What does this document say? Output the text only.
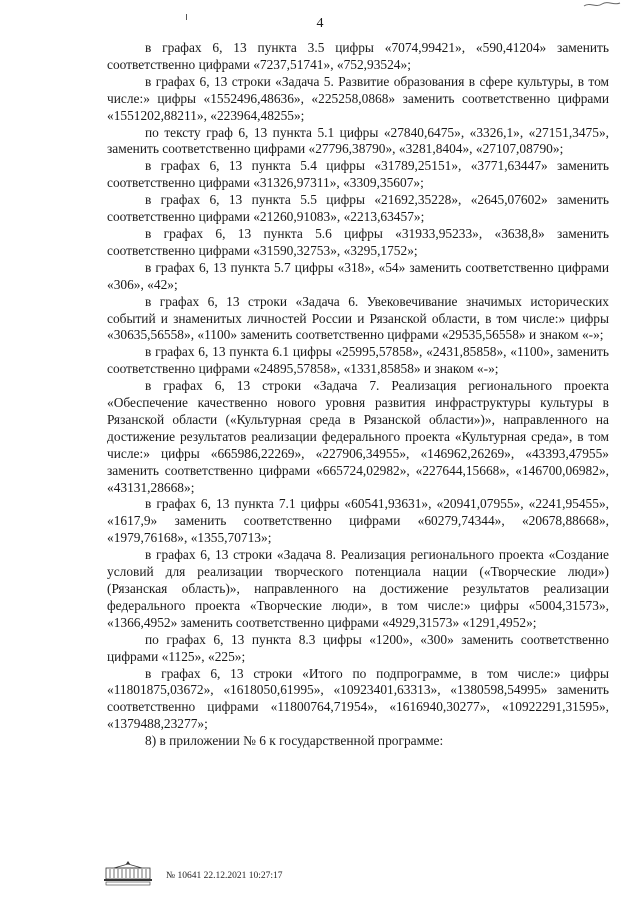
4

в графах 6, 13 пункта 3.5 цифры «7074,99421», «590,41204» заменить соответственно цифрами «7237,51741», «752,93524»;

в графах 6, 13 строки «Задача 5. Развитие образования в сфере культуры, в том числе:» цифры «1552496,48636», «225258,0868» заменить соответственно цифрами «1551202,88211», «223964,48255»;

по тексту граф 6, 13 пункта 5.1 цифры «27840,6475», «3326,1», «27151,3475», заменить соответственно цифрами «27796,38790», «3281,8404», «27107,08790»;

в графах 6, 13 пункта 5.4 цифры «31789,25151», «3771,63447» заменить соответственно цифрами «31326,97311», «3309,35607»;

в графах 6, 13 пункта 5.5 цифры «21692,35228», «2645,07602» заменить соответственно цифрами «21260,91083», «2213,63457»;

в графах 6, 13 пункта 5.6 цифры «31933,95233», «3638,8» заменить соответственно цифрами «31590,32753», «3295,1752»;

в графах 6, 13 пункта 5.7 цифры «318», «54» заменить соответственно цифрами «306», «42»;

в графах 6, 13 строки «Задача 6. Увековечивание значимых исторических событий и знаменитых личностей России и Рязанской области, в том числе:» цифры «30635,56558», «1100» заменить соответственно цифрами «29535,56558» и знаком «-»;

в графах 6, 13 пункта 6.1 цифры «25995,57858», «2431,85858», «1100», заменить соответственно цифрами «24895,57858», «1331,85858» и знаком «-»;

в графах 6, 13 строки «Задача 7. Реализация регионального проекта «Обеспечение качественно нового уровня развития инфраструктуры культуры в Рязанской области («Культурная среда в Рязанской области»)», направленного на достижение результатов реализации федерального проекта «Культурная среда», в том числе:» цифры «665986,22269», «227906,34955», «146962,26269», «43393,47955» заменить соответственно цифрами «665724,02982», «227644,15668», «146700,06982», «43131,28668»;

в графах 6, 13 пункта 7.1 цифры «60541,93631», «20941,07955», «2241,95455», «1617,9» заменить соответственно цифрами «60279,74344», «20678,88668», «1979,76168», «1355,70713»;

в графах 6, 13 строки «Задача 8. Реализация регионального проекта «Создание условий для реализации творческого потенциала нации («Творческие люди») (Рязанская область)», направленного на достижение результатов реализации федерального проекта «Творческие люди», в том числе:» цифры «5004,31573», «1366,4952» заменить соответственно цифрами «4929,31573» «1291,4952»;

по графах 6, 13 пункта 8.3 цифры «1200», «300» заменить соответственно цифрами «1125», «225»;

в графах 6, 13 строки «Итого по подпрограмме, в том числе:» цифры «11801875,03672», «1618050,61995», «10923401,63313», «1380598,54995» заменить соответственно цифрами «11800764,71954», «1616940,30277», «10922291,31595», «1379488,23277»;

8) в приложении № 6 к государственной программе:

№ 10641 22.12.2021 10:27:17
